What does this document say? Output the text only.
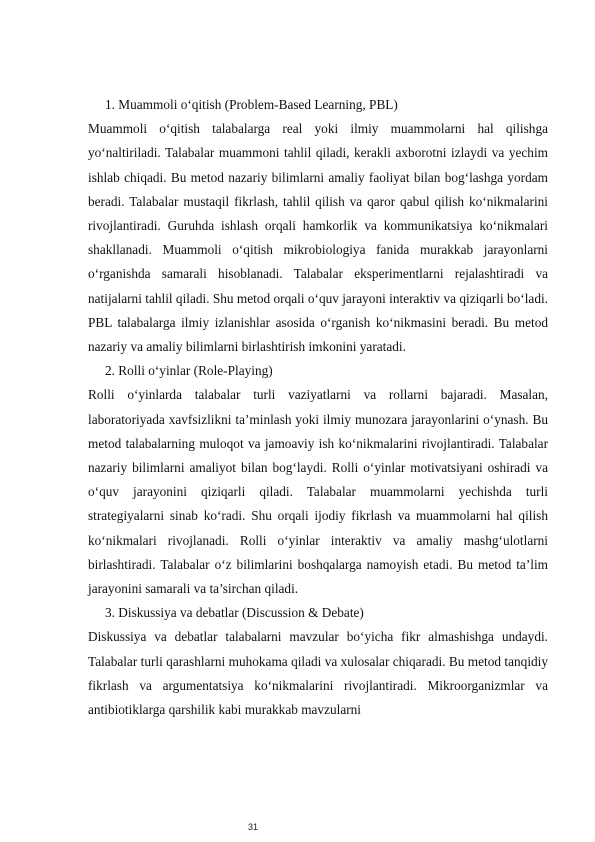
1. Muammoli o‘qitish (Problem-Based Learning, PBL)

Muammoli o‘qitish talabalarga real yoki ilmiy muammolarni hal qilishga yo‘naltiriladi. Talabalar muammoni tahlil qiladi, kerakli axborotni izlaydi va yechim ishlab chiqadi. Bu metod nazariy bilimlarni amaliy faoliyat bilan bog‘lashga yordam beradi. Talabalar mustaqil fikrlash, tahlil qilish va qaror qabul qilish ko‘nikmalarini rivojlantiradi. Guruhda ishlash orqali hamkorlik va kommunikatsiya ko‘nikmalari shakllanadi. Muammoli o‘qitish mikrobiologiya fanida murakkab jarayonlarni o‘rganishda samarali hisoblanadi. Talabalar eksperimentlarni rejalashtiradi va natijalarni tahlil qiladi. Shu metod orqali o‘quv jarayoni interaktiv va qiziqarli bo‘ladi. PBL talabalarga ilmiy izlanishlar asosida o‘rganish ko‘nikmasini beradi. Bu metod nazariy va amaliy bilimlarni birlashtirish imkonini yaratadi.

2. Rolli o‘yinlar (Role-Playing)

Rolli o‘yinlarda talabalar turli vaziyatlarni va rollarni bajaradi. Masalan, laboratoriyada xavfsizlikni ta’minlash yoki ilmiy munozara jarayonlarini o‘ynash. Bu metod talabalarning muloqot va jamoaviy ish ko‘nikmalarini rivojlantiradi. Talabalar nazariy bilimlarni amaliyot bilan bog‘laydi. Rolli o‘yinlar motivatsiyani oshiradi va o‘quv jarayonini qiziqarli qiladi. Talabalar muammolarni yechishda turli strategiyalarni sinab ko‘radi. Shu orqali ijodiy fikrlash va muammolarni hal qilish ko‘nikmalari rivojlanadi. Rolli o‘yinlar interaktiv va amaliy mashg‘ulotlarni birlashtiradi. Talabalar o‘z bilimlarini boshqalarga namoyish etadi. Bu metod ta’lim jarayonini samarali va ta’sirchan qiladi.

3. Diskussiya va debatlar (Discussion & Debate)

Diskussiya va debatlar talabalarni mavzular bo‘yicha fikr almashishga undaydi. Talabalar turli qarashlarni muhokama qiladi va xulosalar chiqaradi. Bu metod tanqidiy fikrlash va argumentatsiya ko‘nikmalarini rivojlantiradi. Mikroorganizmlar va antibiotiklarga qarshilik kabi murakkab mavzularni

31
